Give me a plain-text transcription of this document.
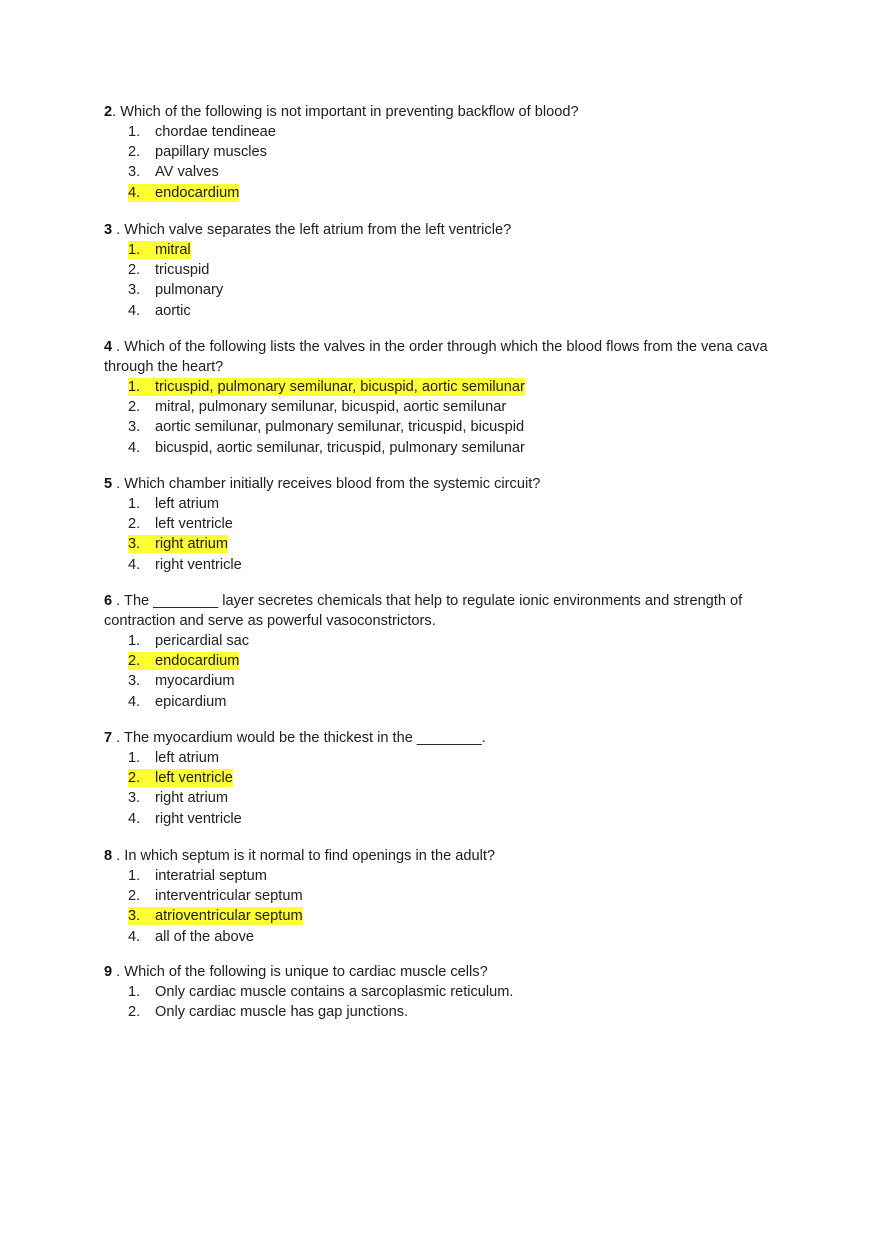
2. Which of the following is not important in preventing backflow of blood?

1. chordae tendineae
2. papillary muscles
3. AV valves
4. endocardium

3 . Which valve separates the left atrium from the left ventricle?

1. mitral
2. tricuspid
3. pulmonary
4. aortic

4 . Which of the following lists the valves in the order through which the blood flows from the vena cava through the heart?

1. tricuspid, pulmonary semilunar, bicuspid, aortic semilunar
2. mitral, pulmonary semilunar, bicuspid, aortic semilunar
3. aortic semilunar, pulmonary semilunar, tricuspid, bicuspid
4. bicuspid, aortic semilunar, tricuspid, pulmonary semilunar

5 . Which chamber initially receives blood from the systemic circuit?

1. left atrium
2. left ventricle
3. right atrium
4. right ventricle

6 . The ________ layer secretes chemicals that help to regulate ionic environments and strength of contraction and serve as powerful vasoconstrictors.

1. pericardial sac
2. endocardium
3. myocardium
4. epicardium

7 . The myocardium would be the thickest in the ________.

1. left atrium
2. left ventricle
3. right atrium
4. right ventricle

8 . In which septum is it normal to find openings in the adult?

1. interatrial septum
2. interventricular septum
3. atrioventricular septum
4. all of the above

9 . Which of the following is unique to cardiac muscle cells?

1. Only cardiac muscle contains a sarcoplasmic reticulum.
2. Only cardiac muscle has gap junctions.
